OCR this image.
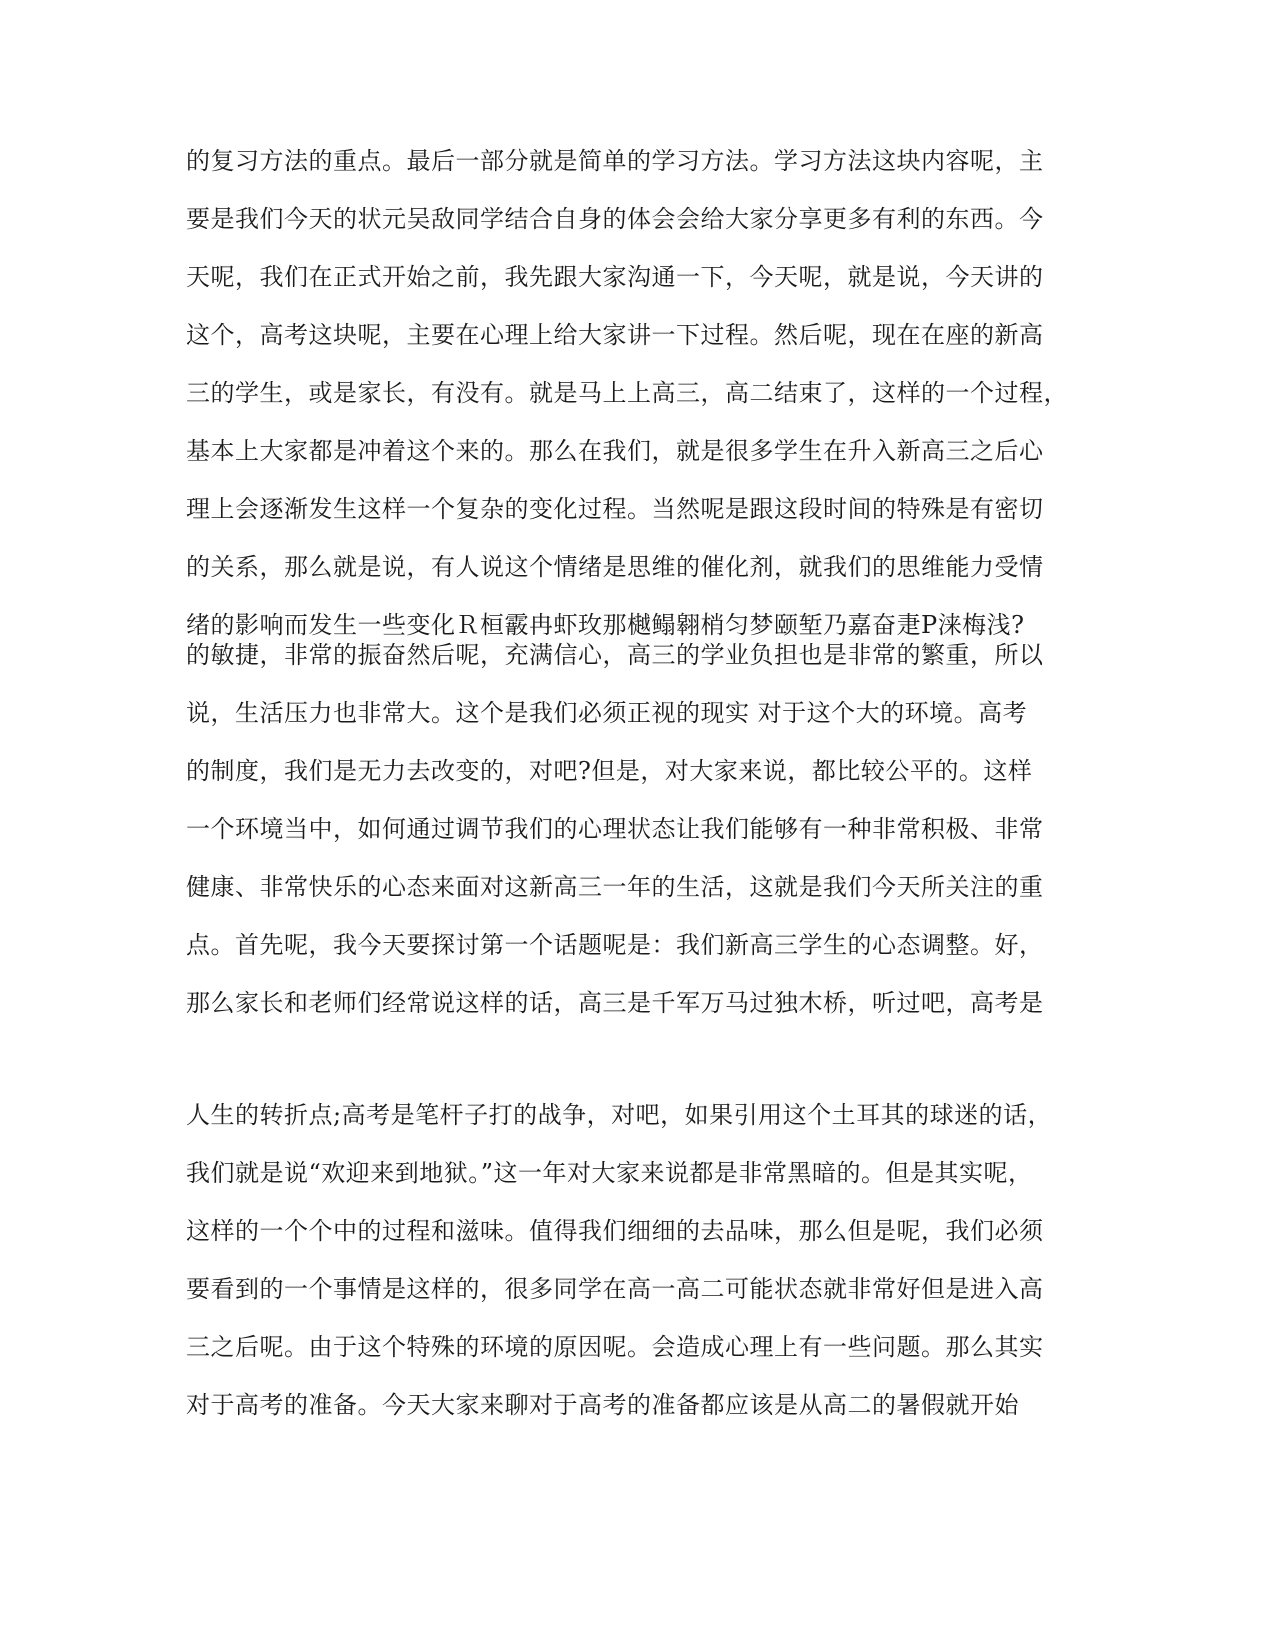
的复习方法的重点。最后一部分就是简单的学习方法。学习方法这块内容呢，主
要是我们今天的状元吴敌同学结合自身的体会会给大家分享更多有利的东西。今
天呢，我们在正式开始之前，我先跟大家沟通一下，今天呢，就是说，今天讲的
这个，高考这块呢，主要在心理上给大家讲一下过程。然后呢，现在在座的新高
三的学生，或是家长，有没有。就是马上上高三，高二结束了，这样的一个过程，
基本上大家都是冲着这个来的。那么在我们，就是很多学生在升入新高三之后心
理上会逐渐发生这样一个复杂的变化过程。当然呢是跟这段时间的特殊是有密切
的关系，那么就是说，有人说这个情绪是思维的催化剂，就我们的思维能力受情
绪的影响而发生一些变化Ｒ桓霰冉虾玫那樾鳎翱梢匀梦颐堑乃嘉奋疌P涞梅浅?
的敏捷，非常的振奋然后呢，充满信心，高三的学业负担也是非常的繁重，所以
说，生活压力也非常大。这个是我们必须正视的现实 对于这个大的环境。高考
的制度，我们是无力去改变的，对吧?但是，对大家来说，都比较公平的。这样
一个环境当中，如何通过调节我们的心理状态让我们能够有一种非常积极、非常
健康、非常快乐的心态来面对这新高三一年的生活，这就是我们今天所关注的重
点。首先呢，我今天要探讨第一个话题呢是：我们新高三学生的心态调整。好，
那么家长和老师们经常说这样的话，高三是千军万马过独木桥，听过吧，高考是
人生的转折点;高考是笔杆子打的战争，对吧，如果引用这个土耳其的球迷的话，
我们就是说“欢迎来到地狱。”这一年对大家来说都是非常黑暗的。但是其实呢，
这样的一个个中的过程和滋味。值得我们细细的去品味，那么但是呢，我们必须
要看到的一个事情是这样的，很多同学在高一高二可能状态就非常好但是进入高
三之后呢。由于这个特殊的环境的原因呢。会造成心理上有一些问题。那么其实
对于高考的准备。今天大家来聊对于高考的准备都应该是从高二的暑假就开始
